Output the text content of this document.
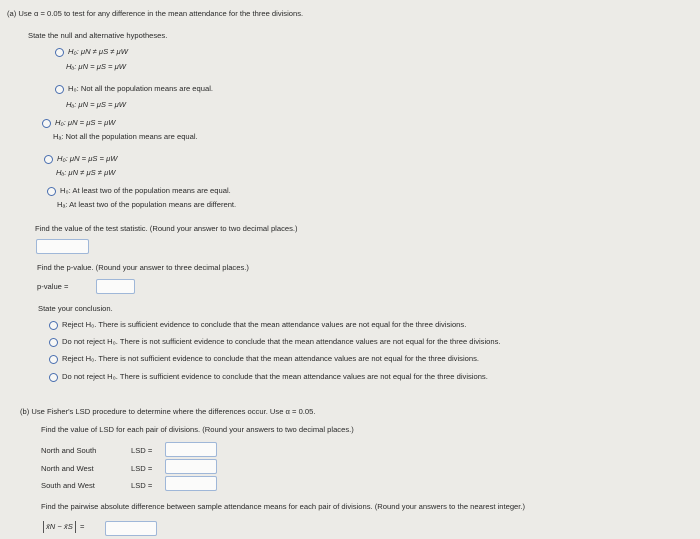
(a) Use α = 0.05 to test for any difference in the mean attendance for the three divisions.
State the null and alternative hypotheses.
H₀: μN ≠ μS ≠ μW
Hₐ: μN = μS = μW
H₀: Not all the population means are equal.
Hₐ: μN = μS = μW
H₀: μN = μS = μW
Hₐ: Not all the population means are equal.
H₀: μN = μS = μW
Hₐ: μN ≠ μS ≠ μW
H₀: At least two of the population means are equal.
Hₐ: At least two of the population means are different.
Find the value of the test statistic. (Round your answer to two decimal places.)
Find the p-value. (Round your answer to three decimal places.)
p-value =
State your conclusion.
Reject H₀. There is sufficient evidence to conclude that the mean attendance values are not equal for the three divisions.
Do not reject H₀. There is not sufficient evidence to conclude that the mean attendance values are not equal for the three divisions.
Reject H₀. There is not sufficient evidence to conclude that the mean attendance values are not equal for the three divisions.
Do not reject H₀. There is sufficient evidence to conclude that the mean attendance values are not equal for the three divisions.
(b) Use Fisher's LSD procedure to determine where the differences occur. Use α = 0.05.
Find the value of LSD for each pair of divisions. (Round your answers to two decimal places.)
North and South	LSD =
North and West	LSD =
South and West	LSD =
Find the pairwise absolute difference between sample attendance means for each pair of divisions. (Round your answers to the nearest integer.)
x̄N − x̄S =
